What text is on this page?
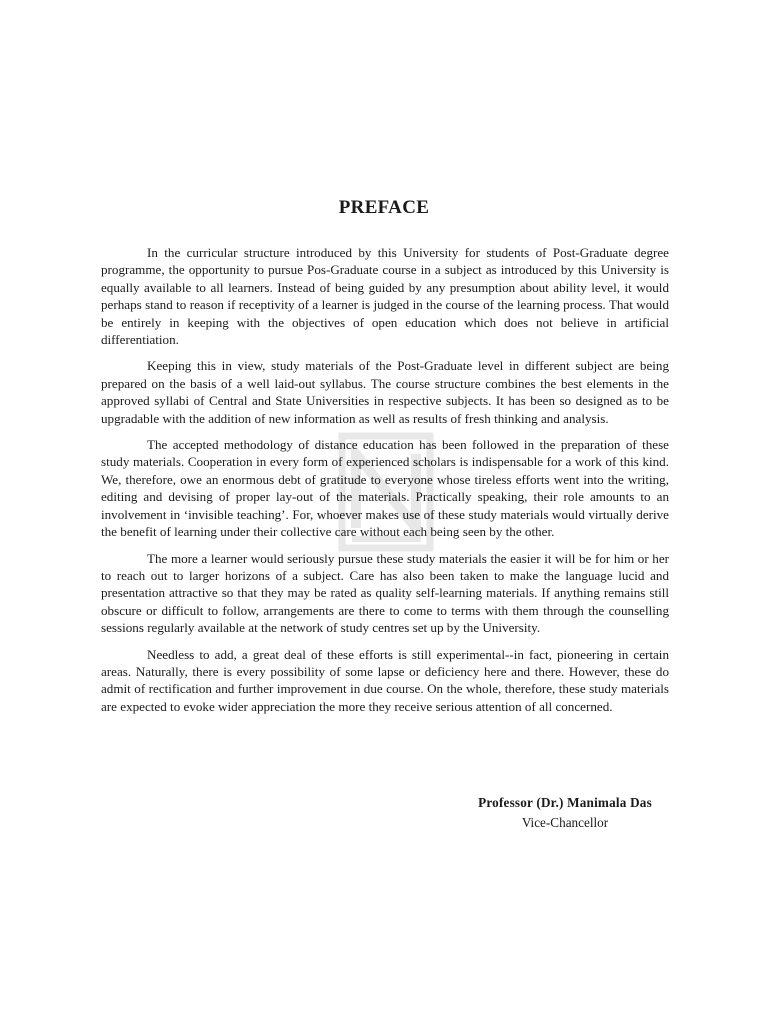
PREFACE

In the curricular structure introduced by this University for students of Post-Graduate degree programme, the opportunity to pursue Pos-Graduate course in a subject as introduced by this University is equally available to all learners. Instead of being guided by any presumption about ability level, it would perhaps stand to reason if receptivity of a learner is judged in the course of the learning process. That would be entirely in keeping with the objectives of open education which does not believe in artificial differentiation.

Keeping this in view, study materials of the Post-Graduate level in different subject are being prepared on the basis of a well laid-out syllabus. The course structure combines the best elements in the approved syllabi of Central and State Universities in respective subjects. It has been so designed as to be upgradable with the addition of new information as well as results of fresh thinking and analysis.

The accepted methodology of distance education has been followed in the preparation of these study materials. Cooperation in every form of experienced scholars is indispensable for a work of this kind. We, therefore, owe an enormous debt of gratitude to everyone whose tireless efforts went into the writing, editing and devising of proper lay-out of the materials. Practically speaking, their role amounts to an involvement in ‘invisible teaching’. For, whoever makes use of these study materials would virtually derive the benefit of learning under their collective care without each being seen by the other.

The more a learner would seriously pursue these study materials the easier it will be for him or her to reach out to larger horizons of a subject. Care has also been taken to make the language lucid and presentation attractive so that they may be rated as quality self-learning materials. If anything remains still obscure or difficult to follow, arrangements are there to come to terms with them through the counselling sessions regularly available at the network of study centres set up by the University.

Needless to add, a great deal of these efforts is still experimental--in fact, pioneering in certain areas. Naturally, there is every possibility of some lapse or deficiency here and there. However, these do admit of rectification and further improvement in due course. On the whole, therefore, these study materials are expected to evoke wider appreciation the more they receive serious attention of all concerned.

Professor (Dr.) Manimala Das
Vice-Chancellor
